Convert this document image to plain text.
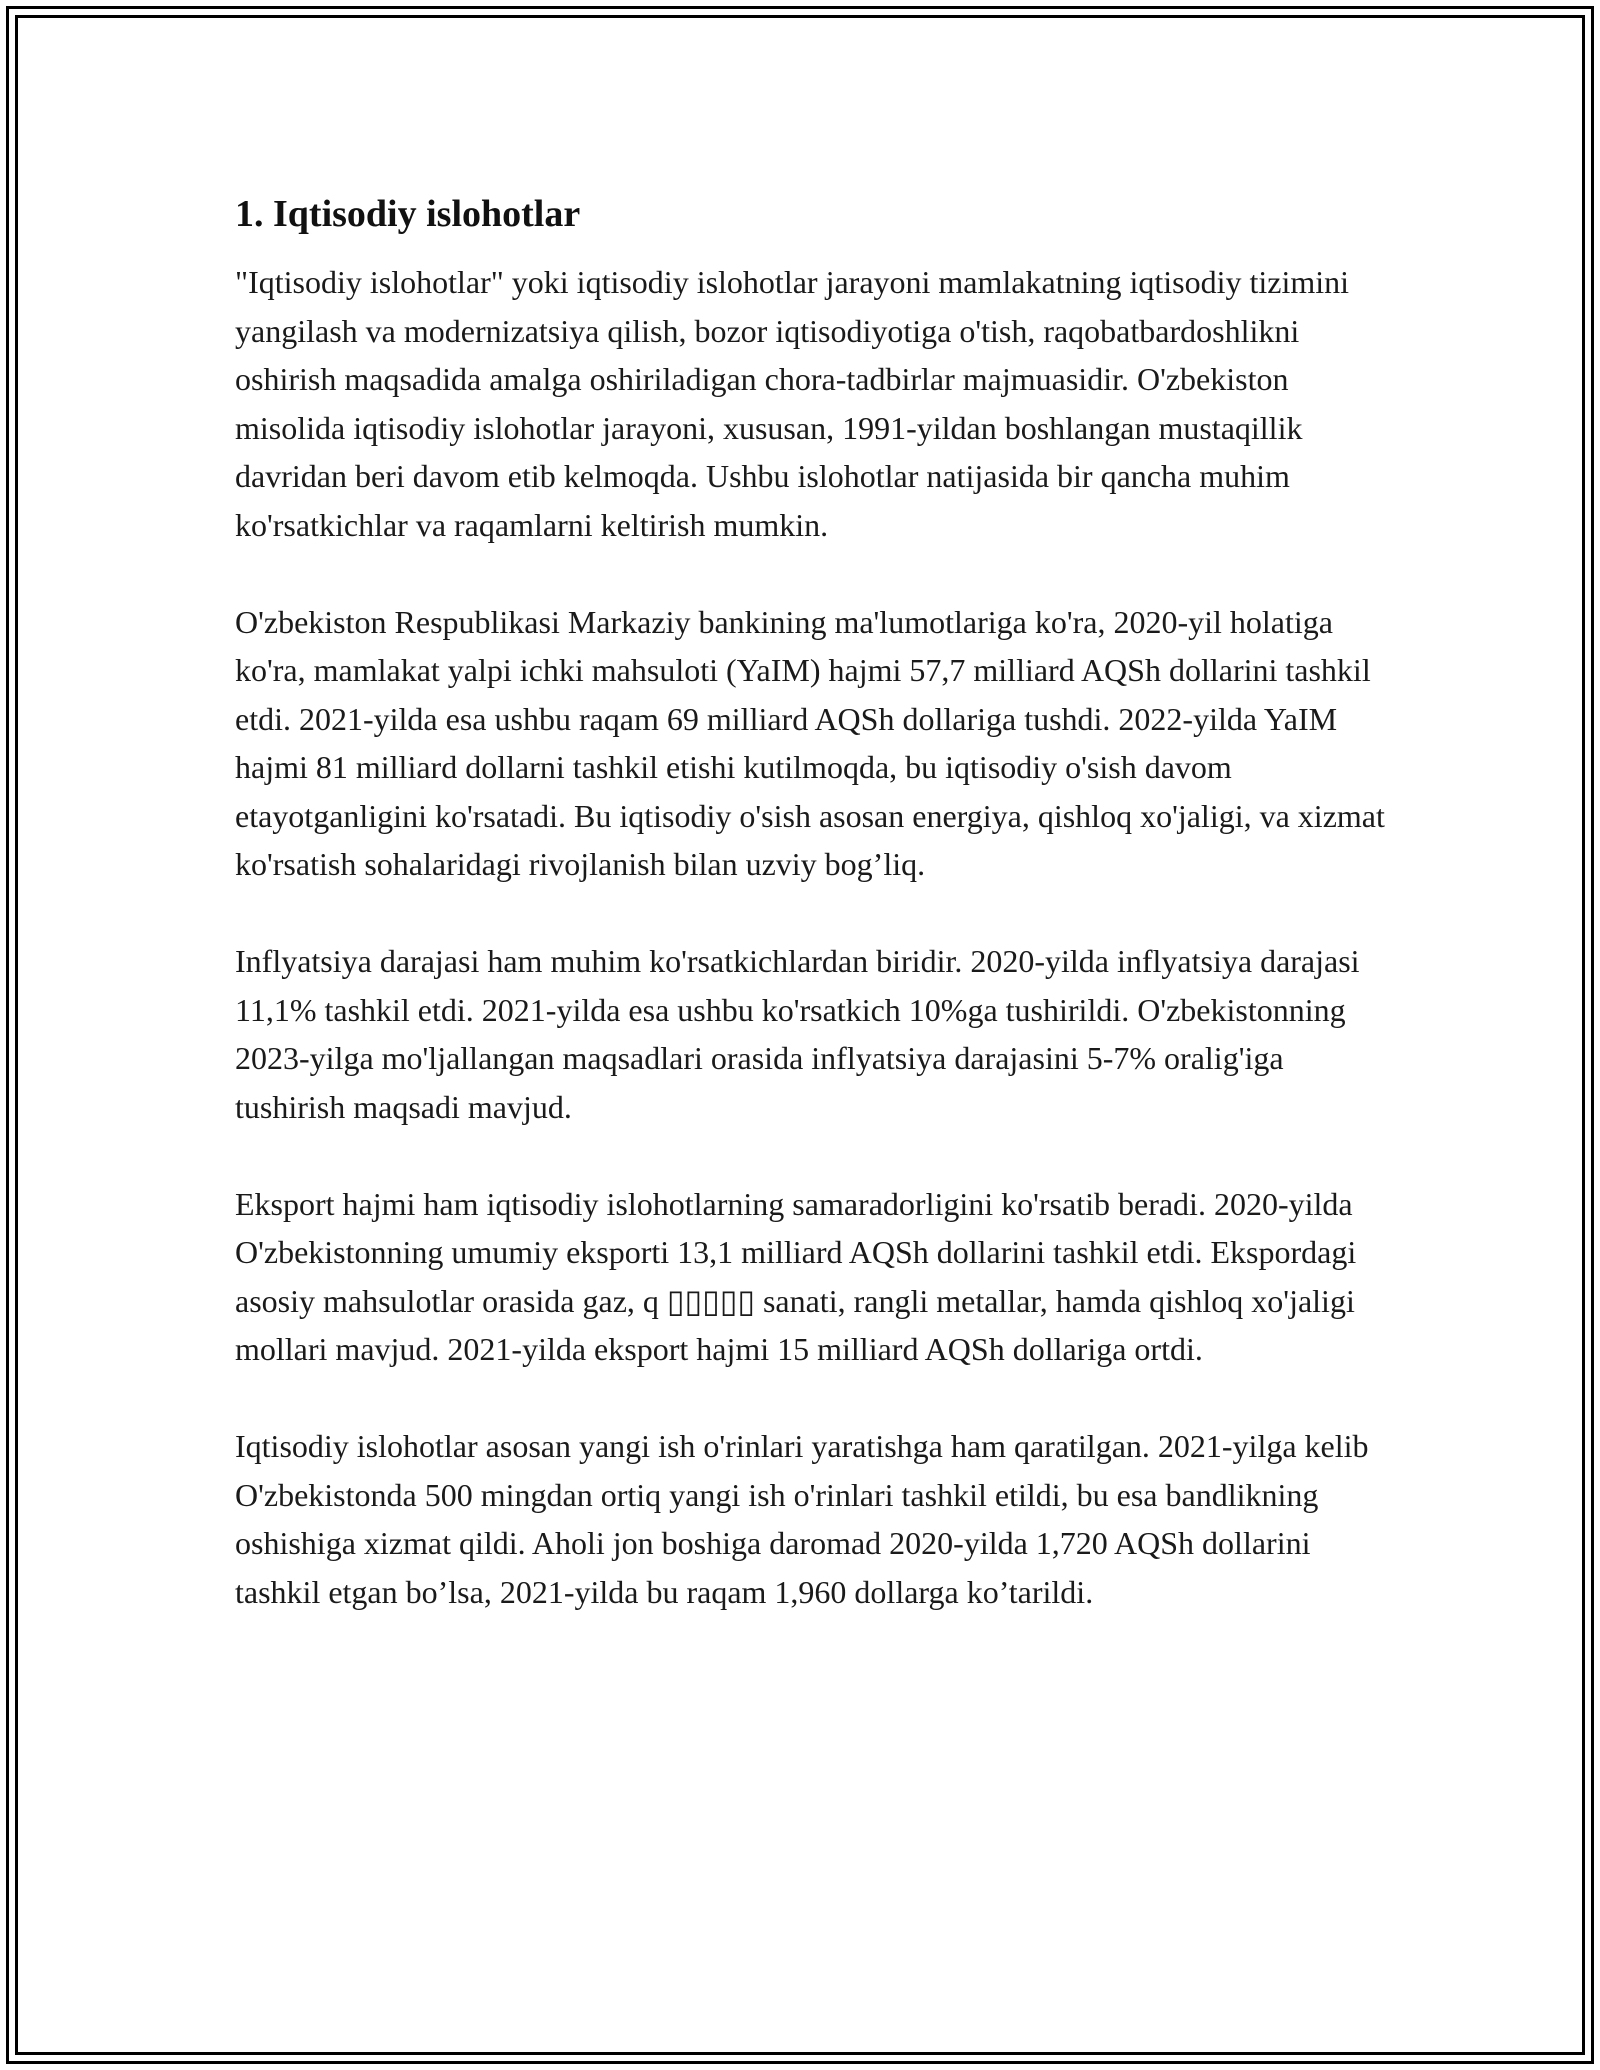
1. Iqtisodiy islohotlar

"Iqtisodiy islohotlar" yoki iqtisodiy islohotlar jarayoni mamlakatning iqtisodiy tizimini yangilash va modernizatsiya qilish, bozor iqtisodiyotiga o'tish, raqobatbardoshlikni oshirish maqsadida amalga oshiriladigan chora-tadbirlar majmuasidir. O'zbekiston misolida iqtisodiy islohotlar jarayoni, xususan, 1991-yildan boshlangan mustaqillik davridan beri davom etib kelmoqda. Ushbu islohotlar natijasida bir qancha muhim ko'rsatkichlar va raqamlarni keltirish mumkin.

O'zbekiston Respublikasi Markaziy bankining ma'lumotlariga ko'ra, 2020-yil holatiga ko'ra, mamlakat yalpi ichki mahsuloti (YaIM) hajmi 57,7 milliard AQSh dollarini tashkil etdi. 2021-yilda esa ushbu raqam 69 milliard AQSh dollariga tushdi. 2022-yilda YaIM hajmi 81 milliard dollarni tashkil etishi kutilmoqda, bu iqtisodiy o'sish davom etayotganligini ko'rsatadi. Bu iqtisodiy o'sish asosan energiya, qishloq xo'jaligi, va xizmat ko'rsatish sohalaridagi rivojlanish bilan uzviy bog’liq.

Inflyatsiya darajasi ham muhim ko'rsatkichlardan biridir. 2020-yilda inflyatsiya darajasi 11,1% tashkil etdi. 2021-yilda esa ushbu ko'rsatkich 10%ga tushirildi. O'zbekistonning 2023-yilga mo'ljallangan maqsadlari orasida inflyatsiya darajasini 5-7% oralig'iga tushirish maqsadi mavjud.

Eksport hajmi ham iqtisodiy islohotlarning samaradorligini ko'rsatib beradi. 2020-yilda O'zbekistonning umumiy eksporti 13,1 milliard AQSh dollarini tashkil etdi. Ekspordagi asosiy mahsulotlar orasida gaz, q ▯▯▯▯▯ sanati, rangli metallar, hamda qishloq xo'jaligi mollari mavjud. 2021-yilda eksport hajmi 15 milliard AQSh dollariga ortdi.

Iqtisodiy islohotlar asosan yangi ish o'rinlari yaratishga ham qaratilgan. 2021-yilga kelib O'zbekistonda 500 mingdan ortiq yangi ish o'rinlari tashkil etildi, bu esa bandlikning oshishiga xizmat qildi. Aholi jon boshiga daromad 2020-yilda 1,720 AQSh dollarini tashkil etgan bo’lsa, 2021-yilda bu raqam 1,960 dollarga ko’tarildi.
